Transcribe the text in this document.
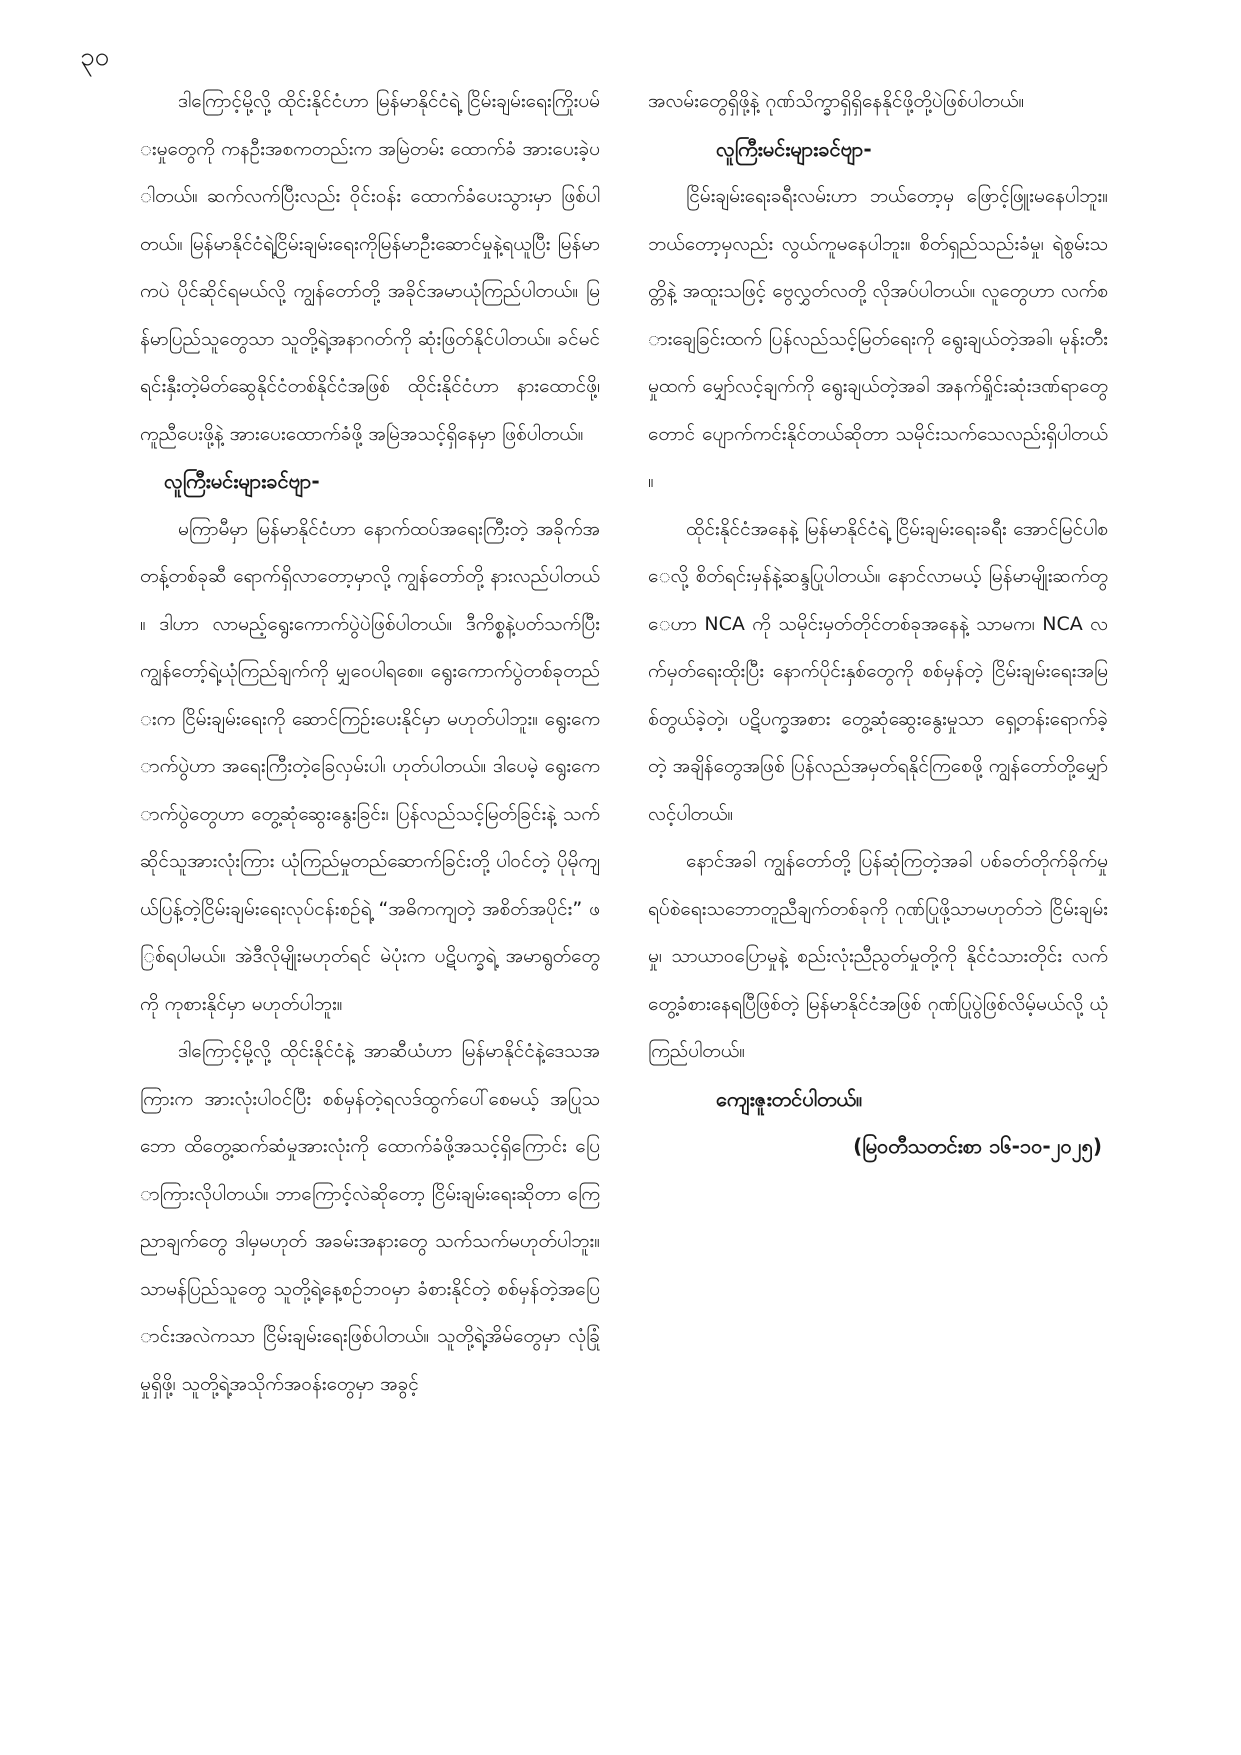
၃၀

ဒါကြောင့်မို့လို့ ထိုင်းနိုင်ငံဟာ မြန်မာနိုင်ငံရဲ့ ငြိမ်းချမ်းရေးကြိုးပမ်းမှုတွေကို ကနဦးအစကတည်းက အမြဲတမ်း ထောက်ခံ အားပေးခဲ့ပါတယ်။ ဆက်လက်ပြီးလည်း ဝိုင်းဝန်း ထောက်ခံပေးသွားမှာ ဖြစ်ပါတယ်။ မြန်မာနိုင်ငံရဲ့ငြိမ်းချမ်းရေးကိုမြန်မာဦးဆောင်မှုနဲ့ရယူပြီး မြန်မာကပဲ ပိုင်ဆိုင်ရမယ်လို့ ကျွန်တော်တို့ အခိုင်အမာယုံကြည်ပါတယ်။ မြန်မာပြည်သူတွေသာ သူတို့ရဲ့အနာဂတ်ကို ဆုံးဖြတ်နိုင်ပါတယ်။ ခင်မင်ရင်းနှီးတဲ့မိတ်ဆွေနိုင်ငံတစ်နိုင်ငံအဖြစ် ထိုင်းနိုင်ငံဟာ နားထောင်ဖို့၊ ကူညီပေးဖို့နဲ့ အားပေးထောက်ခံဖို့ အမြဲအသင့်ရှိနေမှာ ဖြစ်ပါတယ်။

လူကြီးမင်းများခင်ဗျာ-

မကြာမီမှာ မြန်မာနိုင်ငံဟာ နောက်ထပ်အရေးကြီးတဲ့ အခိုက်အတန့်တစ်ခုဆီ ရောက်ရှိလာတော့မှာလို့ ကျွန်တော်တို့ နားလည်ပါတယ်။ ဒါဟာ လာမည့်ရွေးကောက်ပွဲပဲဖြစ်ပါတယ်။ ဒီကိစ္စနဲ့ပတ်သက်ပြီး ကျွန်တော့်ရဲ့ယုံကြည်ချက်ကို မျှဝေပါရစေ။ ရွေးကောက်ပွဲတစ်ခုတည်းက ငြိမ်းချမ်းရေးကို ဆောင်ကြဉ်းပေးနိုင်မှာ မဟုတ်ပါဘူး။ ရွေးကောက်ပွဲဟာ အရေးကြီးတဲ့ခြေလှမ်းပါ၊ ဟုတ်ပါတယ်။ ဒါပေမဲ့ ရွေးကောက်ပွဲတွေဟာ တွေ့ဆုံဆွေးနွေးခြင်း၊ ပြန်လည်သင့်မြတ်ခြင်းနဲ့ သက်ဆိုင်သူအားလုံးကြား ယုံကြည်မှုတည်ဆောက်ခြင်းတို့ ပါဝင်တဲ့ ပိုမိုကျယ်ပြန့်တဲ့ငြိမ်းချမ်းရေးလုပ်ငန်းစဉ်ရဲ့ “အဓိကကျတဲ့ အစိတ်အပိုင်း” ဖြစ်ရပါမယ်။ အဲဒီလိုမျိုးမဟုတ်ရင် မဲပုံးက ပဋိပက္ခရဲ့ အမာရွတ်တွေကို ကုစားနိုင်မှာ မဟုတ်ပါဘူး။

ဒါကြောင့်မို့လို့ ထိုင်းနိုင်ငံနဲ့ အာဆီယံဟာ မြန်မာနိုင်ငံနဲ့ဒေသအကြားက အားလုံးပါဝင်ပြီး စစ်မှန်တဲ့ရလဒ်ထွက်ပေါ်စေမယ့် အပြုသဘော ထိတွေ့ဆက်ဆံမှုအားလုံးကို ထောက်ခံဖို့အသင့်ရှိကြောင်း ပြောကြားလိုပါတယ်။ ဘာကြောင့်လဲဆိုတော့ ငြိမ်းချမ်းရေးဆိုတာ ကြေညာချက်တွေ ဒါမှမဟုတ် အခမ်းအနားတွေ သက်သက်မဟုတ်ပါဘူး။ သာမန်ပြည်သူတွေ သူတို့ရဲ့နေ့စဉ်ဘဝမှာ ခံစားနိုင်တဲ့ စစ်မှန်တဲ့အပြောင်းအလဲကသာ ငြိမ်းချမ်းရေးဖြစ်ပါတယ်။ သူတို့ရဲ့အိမ်တွေမှာ လုံခြုံမှုရှိဖို့၊ သူတို့ရဲ့အသိုက်အဝန်းတွေမှာ အခွင့်

အလမ်းတွေရှိဖို့နဲ့ ဂုဏ်သိက္ခာရှိရှိနေနိုင်ဖို့တို့ပဲဖြစ်ပါတယ်။

လူကြီးမင်းများခင်ဗျာ-

ငြိမ်းချမ်းရေးခရီးလမ်းဟာ ဘယ်တော့မှ ဖြောင့်ဖြူးမနေပါဘူး။ ဘယ်တော့မှလည်း လွယ်ကူမနေပါဘူး။ စိတ်ရှည်သည်းခံမှု၊ ရဲစွမ်းသတ္တိနဲ့ အထူးသဖြင့် ဗွေလွှတ်လတို့ လိုအပ်ပါတယ်။ လူတွေဟာ လက်စားချေခြင်းထက် ပြန်လည်သင့်မြတ်ရေးကို ရွေးချယ်တဲ့အခါ၊ မုန်းတီးမှုထက် မျှော်လင့်ချက်ကို ရွေးချယ်တဲ့အခါ အနက်ရှိုင်းဆုံးဒဏ်ရာတွေတောင် ပျောက်ကင်းနိုင်တယ်ဆိုတာ သမိုင်းသက်သေလည်းရှိပါတယ်။

ထိုင်းနိုင်ငံအနေနဲ့ မြန်မာနိုင်ငံရဲ့ ငြိမ်းချမ်းရေးခရီး အောင်မြင်ပါစေလို့ စိတ်ရင်းမှန်နဲ့ဆန္ဒပြုပါတယ်။ နောင်လာမယ့် မြန်မာမျိုးဆက်တွေဟာ NCA ကို သမိုင်းမှတ်တိုင်တစ်ခုအနေနဲ့ သာမက၊ NCA လက်မှတ်ရေးထိုးပြီး နောက်ပိုင်းနှစ်တွေကို စစ်မှန်တဲ့ ငြိမ်းချမ်းရေးအမြစ်တွယ်ခဲ့တဲ့၊ ပဋိပက္ခအစား တွေ့ဆုံဆွေးနွေးမှုသာ ရှေ့တန်းရောက်ခဲ့တဲ့ အချိန်တွေအဖြစ် ပြန်လည်အမှတ်ရနိုင်ကြစေဖို့ ကျွန်တော်တို့မျှော်လင့်ပါတယ်။

နောင်အခါ ကျွန်တော်တို့ ပြန်ဆုံကြတဲ့အခါ ပစ်ခတ်တိုက်ခိုက်မှုရပ်စဲရေးသဘောတူညီချက်တစ်ခုကို ဂုဏ်ပြုဖို့သာမဟုတ်ဘဲ ငြိမ်းချမ်းမှု၊ သာယာဝပြောမှုနဲ့ စည်းလုံးညီညွတ်မှုတို့ကို နိုင်ငံသားတိုင်း လက်တွေ့ခံစားနေရပြီဖြစ်တဲ့ မြန်မာနိုင်ငံအဖြစ် ဂုဏ်ပြုပွဲဖြစ်လိမ့်မယ်လို့ ယုံကြည်ပါတယ်။

ကျေးဇူးတင်ပါတယ်။

(မြဝတီသတင်းစာ ၁၆-၁၀-၂၀၂၅)
